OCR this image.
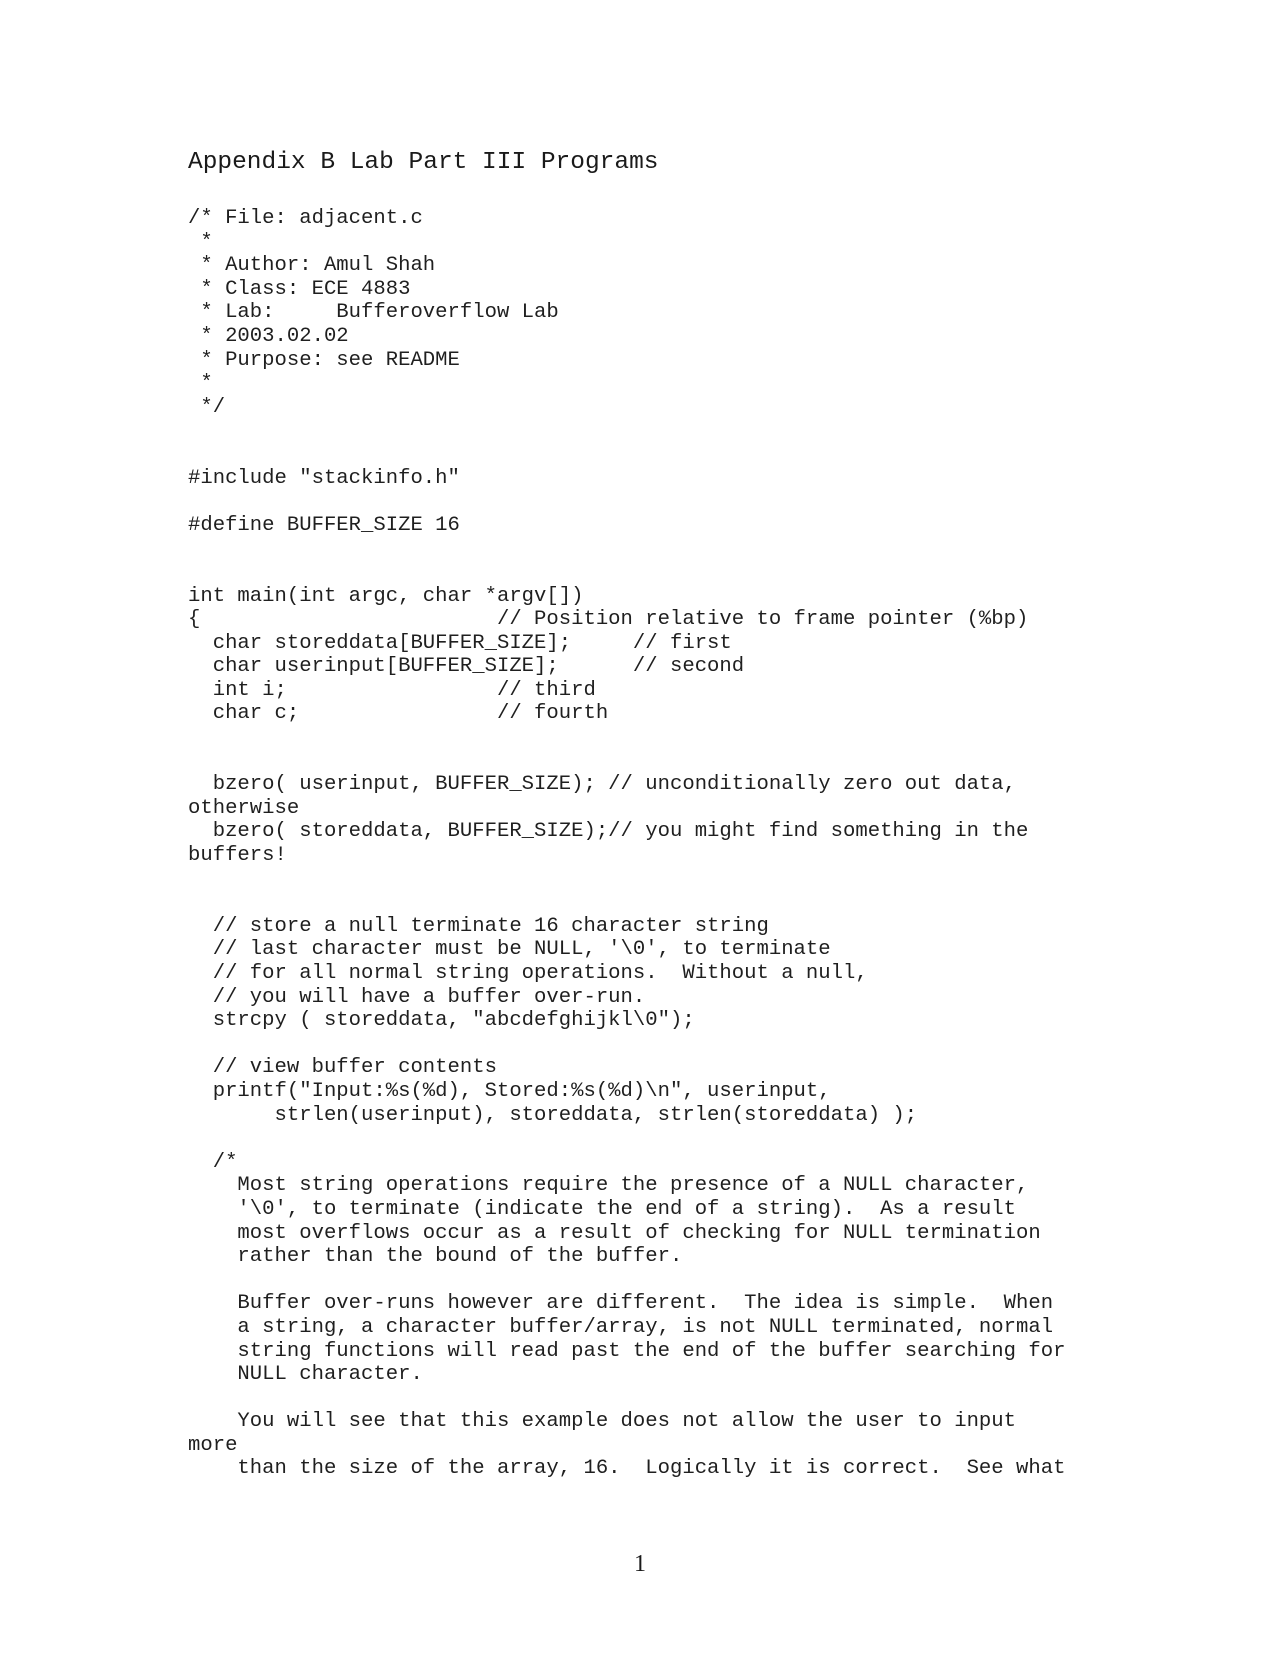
Appendix B Lab Part III Programs
/* File: adjacent.c
*
* Author: Amul Shah
* Class: ECE 4883
* Lab:     Bufferoverflow Lab
* 2003.02.02
* Purpose: see README
*
*/
#include "stackinfo.h"
#define BUFFER_SIZE 16
int main(int argc, char *argv[])
{                        // Position relative to frame pointer (%bp)
char storeddata[BUFFER_SIZE];     // first
char userinput[BUFFER_SIZE];      // second
int i;                 // third
char c;                // fourth
bzero( userinput, BUFFER_SIZE); // unconditionally zero out data,
otherwise
bzero( storeddata, BUFFER_SIZE);// you might find something in the
buffers!
// store a null terminate 16 character string
// last character must be NULL, '\0', to terminate
// for all normal string operations.  Without a null,
// you will have a buffer over-run.
strcpy ( storeddata, "abcdefghijkl\0");
// view buffer contents
printf("Input:%s(%d), Stored:%s(%d)\n", userinput,
strlen(userinput), storeddata, strlen(storeddata) );
/*
Most string operations require the presence of a NULL character,
'\0', to terminate (indicate the end of a string).  As a result
most overflows occur as a result of checking for NULL termination
rather than the bound of the buffer.
Buffer over-runs however are different.  The idea is simple.  When
a string, a character buffer/array, is not NULL terminated, normal
string functions will read past the end of the buffer searching for
NULL character.
You will see that this example does not allow the user to input
more
than the size of the array, 16.  Logically it is correct.  See what
1
